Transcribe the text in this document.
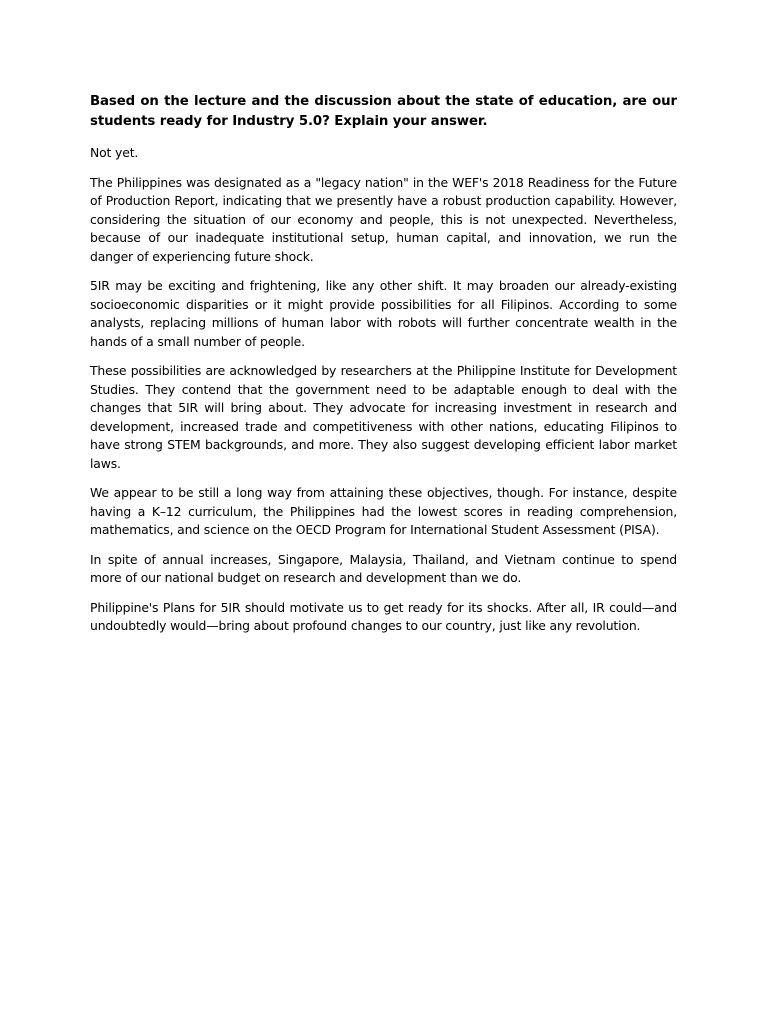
Based on the lecture and the discussion about the state of education, are our students ready for Industry 5.0? Explain your answer.

Not yet.

The Philippines was designated as a "legacy nation" in the WEF's 2018 Readiness for the Future of Production Report, indicating that we presently have a robust production capability. However, considering the situation of our economy and people, this is not unexpected. Nevertheless, because of our inadequate institutional setup, human capital, and innovation, we run the danger of experiencing future shock.

5IR may be exciting and frightening, like any other shift. It may broaden our already-existing socioeconomic disparities or it might provide possibilities for all Filipinos. According to some analysts, replacing millions of human labor with robots will further concentrate wealth in the hands of a small number of people.

These possibilities are acknowledged by researchers at the Philippine Institute for Development Studies. They contend that the government need to be adaptable enough to deal with the changes that 5IR will bring about. They advocate for increasing investment in research and development, increased trade and competitiveness with other nations, educating Filipinos to have strong STEM backgrounds, and more. They also suggest developing efficient labor market laws.

We appear to be still a long way from attaining these objectives, though. For instance, despite having a K–12 curriculum, the Philippines had the lowest scores in reading comprehension, mathematics, and science on the OECD Program for International Student Assessment (PISA).

In spite of annual increases, Singapore, Malaysia, Thailand, and Vietnam continue to spend more of our national budget on research and development than we do.

Philippine's Plans for 5IR should motivate us to get ready for its shocks. After all, IR could—and undoubtedly would—bring about profound changes to our country, just like any revolution.
